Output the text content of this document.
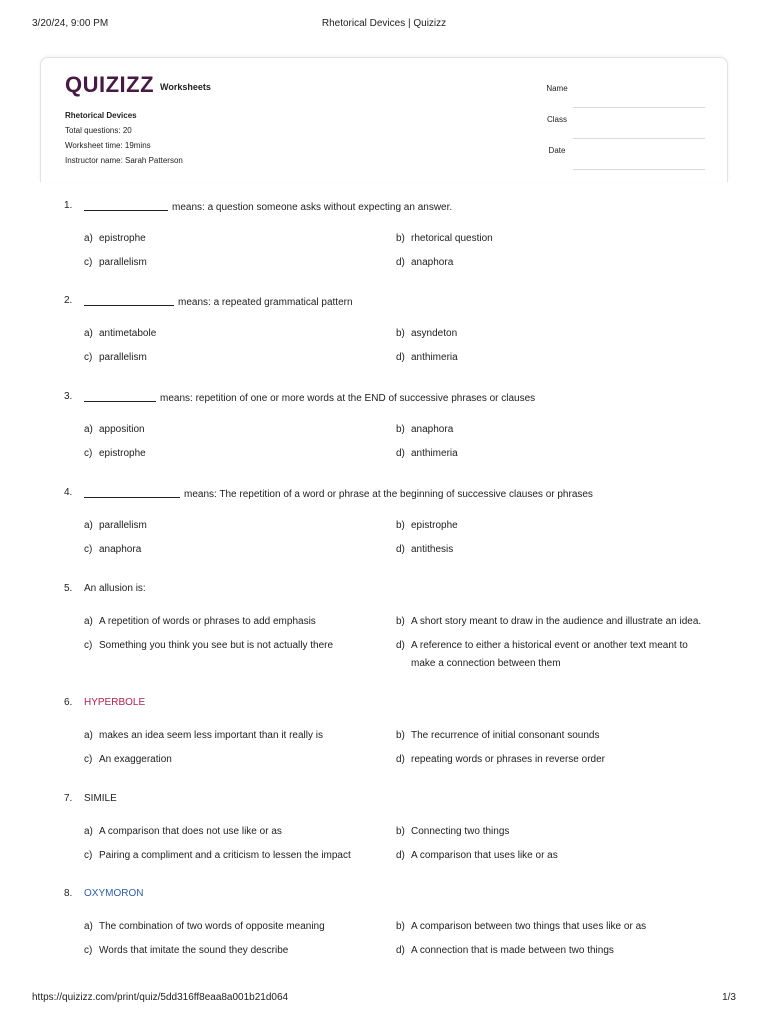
3/20/24, 9:00 PM	Rhetorical Devices | Quizizz
QUIZIZZ Worksheets
Rhetorical Devices
Total questions: 20
Worksheet time: 19mins
Instructor name: Sarah Patterson
Name
Class
Date
1.	means: a question someone asks without expecting an answer.
a) epistrophe	b) rhetorical question
c) parallelism	d) anaphora
2.	means: a repeated grammatical pattern
a) antimetabole	b) asyndeton
c) parallelism	d) anthimeria
3.	means: repetition of one or more words at the END of successive phrases or clauses
a) apposition	b) anaphora
c) epistrophe	d) anthimeria
4.	means: The repetition of a word or phrase at the beginning of successive clauses or phrases
a) parallelism	b) epistrophe
c) anaphora	d) antithesis
5. An allusion is:
a) A repetition of words or phrases to add emphasis	b) A short story meant to draw in the audience and illustrate an idea.
c) Something you think you see but is not actually there	d) A reference to either a historical event or another text meant to
make a connection between them
6. HYPERBOLE
a) makes an idea seem less important than it really is	b) The recurrence of initial consonant sounds
c) An exaggeration	d) repeating words or phrases in reverse order
7. SIMILE
a) A comparison that does not use like or as	b) Connecting two things
c) Pairing a compliment and a criticism to lessen the impact	d) A comparison that uses like or as
8. OXYMORON
a) The combination of two words of opposite meaning	b) A comparison between two things that uses like or as
c) Words that imitate the sound they describe	d) A connection that is made between two things
https://quizizz.com/print/quiz/5dd316ff8eaa8a001b21d064	1/3
